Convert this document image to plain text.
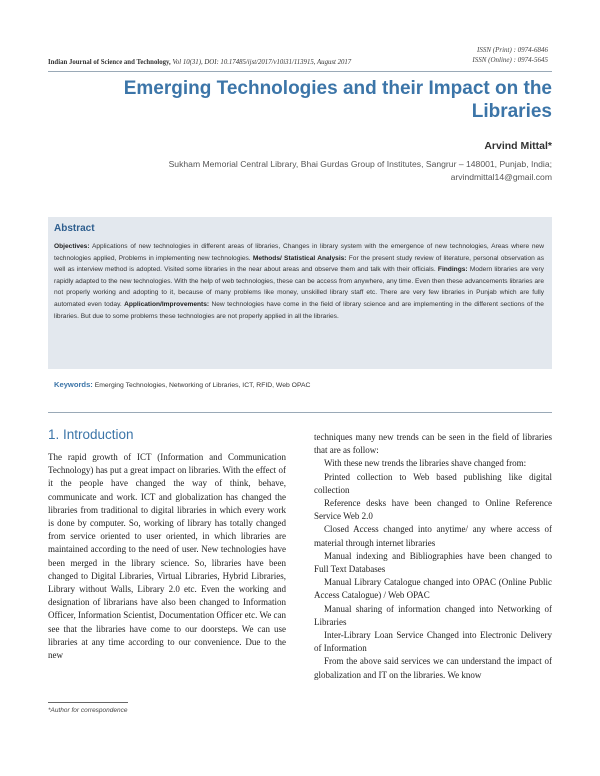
ISSN (Print) : 0974-6846
ISSN (Online) : 0974-5645
Indian Journal of Science and Technology, Vol 10(31), DOI: 10.17485/ijst/2017/v10i31/113915, August 2017
Emerging Technologies and their Impact on the Libraries
Arvind Mittal*
Sukham Memorial Central Library, Bhai Gurdas Group of Institutes, Sangrur – 148001, Punjab, India;
arvindmittal14@gmail.com
Abstract
Objectives: Applications of new technologies in different areas of libraries, Changes in library system with the emergence of new technologies, Areas where new technologies applied, Problems in implementing new technologies. Methods/ Statistical Analysis: For the present study review of literature, personal observation as well as interview method is adopted. Visited some libraries in the near about areas and observe them and talk with their officials. Findings: Modern libraries are very rapidly adapted to the new technologies. With the help of web technologies, these can be access from anywhere, any time. Even then these advancements libraries are not properly working and adopting to it, because of many problems like money, unskilled library staff etc. There are very few libraries in Punjab which are fully automated even today. Application/Improvements: New technologies have come in the field of library science and are implementing in the different sections of the libraries. But due to some problems these technologies are not properly applied in all the libraries.
Keywords: Emerging Technologies, Networking of Libraries, ICT, RFID, Web OPAC
1. Introduction
The rapid growth of ICT (Information and Communication Technology) has put a great impact on libraries. With the effect of it the people have changed the way of think, behave, communicate and work. ICT and globalization has changed the libraries from traditional to digital libraries in which every work is done by computer. So, working of library has totally changed from service oriented to user oriented, in which libraries are maintained according to the need of user. New technologies have been merged in the library science. So, libraries have been changed to Digital Libraries, Virtual Libraries, Hybrid Libraries, Library without Walls, Library 2.0 etc. Even the working and designation of librarians have also been changed to Information Officer, Information Scientist, Documentation Officer etc. We can see that the libraries have come to our doorsteps. We can use libraries at any time according to our convenience. Due to the new

techniques many new trends can be seen in the field of libraries that are as follow:

With these new trends the libraries shave changed from:

Printed collection to Web based publishing like digital collection

Reference desks have been changed to Online Reference Service Web 2.0

Closed Access changed into anytime/ any where access of material through internet libraries

Manual indexing and Bibliographies have been changed to Full Text Databases

Manual Library Catalogue changed into OPAC (Online Public Access Catalogue) / Web OPAC

Manual sharing of information changed into Networking of Libraries

Inter-Library Loan Service Changed into Electronic Delivery of Information

From the above said services we can understand the impact of globalization and IT on the libraries. We know

*Author for correspondence
